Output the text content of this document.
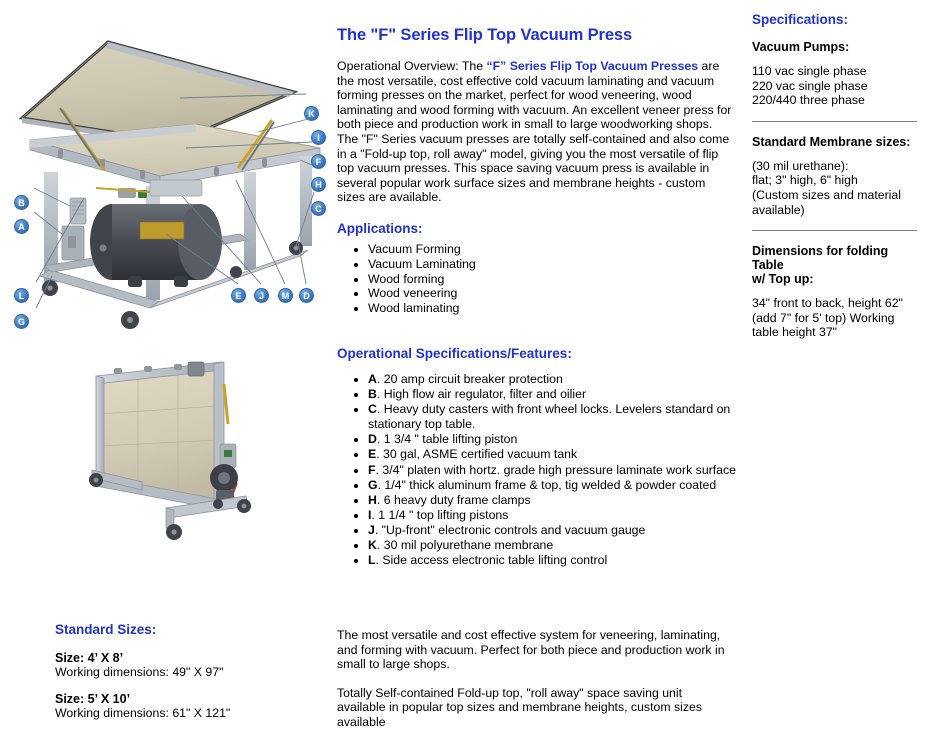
K
I
F
H
C
B
A
L
G
E	J	M	D
The "F" Series Flip Top Vacuum Press

Operational Overview: The “F” Series Flip Top Vacuum Presses are the most versatile, cost effective cold vacuum laminating and vacuum forming presses on the market, perfect for wood veneering, wood laminating and wood forming with vacuum. An excellent veneer press for both piece and production work in small to large woodworking shops. The "F" Series vacuum presses are totally self-contained and also come in a "Fold-up top, roll away" model, giving you the most versatile of flip top vacuum presses. This space saving vacuum press is available in several popular work surface sizes and membrane heights - custom sizes are available.

Applications:
• Vacuum Forming
• Vacuum Laminating
• Wood forming
• Wood veneering
• Wood laminating
Operational Specifications/Features:
• A. 20 amp circuit breaker protection
• B. High flow air regulator, filter and oilier
• C. Heavy duty casters with front wheel locks. Levelers standard on stationary top table.
• D. 1 3/4 " table lifting piston
• E. 30 gal, ASME certified vacuum tank
• F. 3/4" platen with hortz. grade high pressure laminate work surface
• G. 1/4" thick aluminum frame & top, tig welded & powder coated
• H. 6 heavy duty frame clamps
• I. 1 1/4 " top lifting pistons
• J. "Up-front" electronic controls and vacuum gauge
• K. 30 mil polyurethane membrane
• L. Side access electronic table lifting control
Specifications:
Vacuum Pumps:
110 vac single phase
220 vac single phase
220/440 three phase
Standard Membrane sizes:
(30 mil urethane):
flat; 3" high, 6" high
(Custom sizes and material
available)
Dimensions for folding Table
w/ Top up:
34" front to back, height 62"
(add 7" for 5' top) Working
table height 37"
Standard Sizes:
Size: 4’ X 8’
Working dimensions: 49" X 97"
Size: 5’ X 10’
Working dimensions: 61" X 121"

The most versatile and cost effective system for veneering, laminating, and forming with vacuum. Perfect for both piece and production work in small to large shops.

Totally Self-contained Fold-up top, "roll away" space saving unit available in popular top sizes and membrane heights, custom sizes available
